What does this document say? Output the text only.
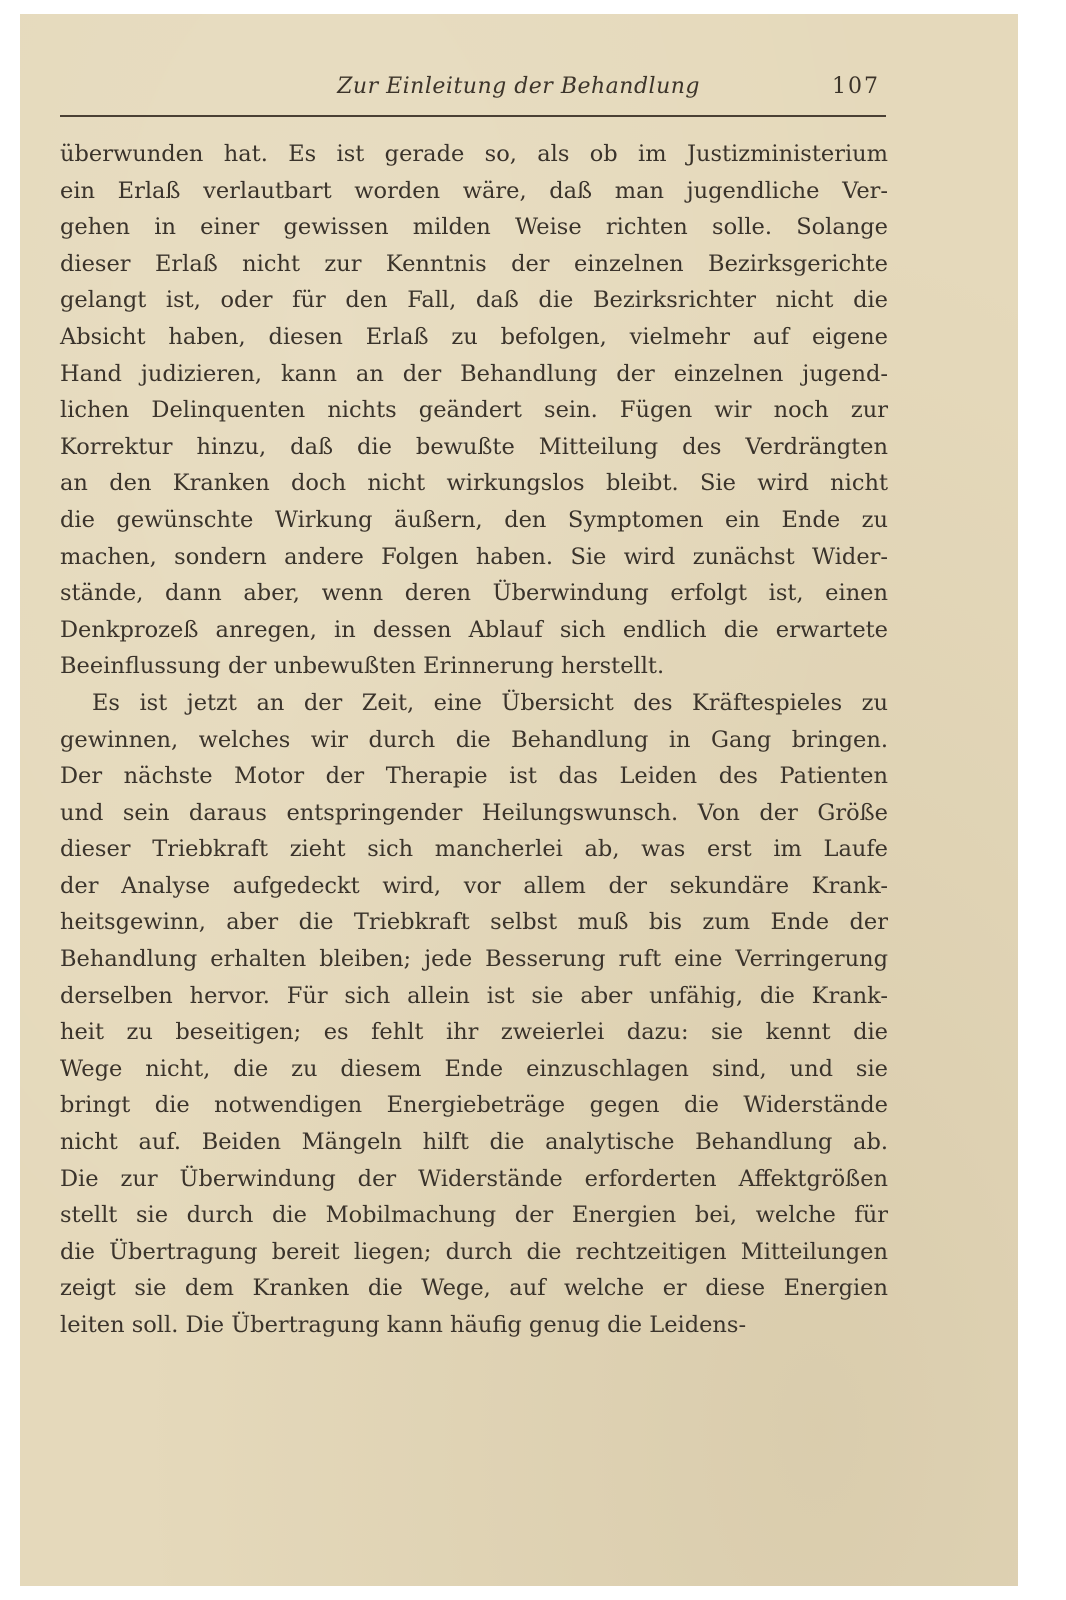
Zur Einleitung der Behandlung	107

überwunden hat. Es ist gerade so, als ob im Justizministerium
ein Erlaß verlautbart worden wäre, daß man jugendliche Ver-
gehen in einer gewissen milden Weise richten solle. Solange
dieser Erlaß nicht zur Kenntnis der einzelnen Bezirksgerichte
gelangt ist, oder für den Fall, daß die Bezirksrichter nicht die
Absicht haben, diesen Erlaß zu befolgen, vielmehr auf eigene
Hand judizieren, kann an der Behandlung der einzelnen jugend-
lichen Delinquenten nichts geändert sein. Fügen wir noch zur
Korrektur hinzu, daß die bewußte Mitteilung des Verdrängten
an den Kranken doch nicht wirkungslos bleibt. Sie wird nicht
die gewünschte Wirkung äußern, den Symptomen ein Ende zu
machen, sondern andere Folgen haben. Sie wird zunächst Wider-
stände, dann aber, wenn deren Überwindung erfolgt ist, einen
Denkprozeß anregen, in dessen Ablauf sich endlich die erwartete
Beeinflussung der unbewußten Erinnerung herstellt.

Es ist jetzt an der Zeit, eine Übersicht des Kräftespieles zu
gewinnen, welches wir durch die Behandlung in Gang bringen.
Der nächste Motor der Therapie ist das Leiden des Patienten
und sein daraus entspringender Heilungswunsch. Von der Größe
dieser Triebkraft zieht sich mancherlei ab, was erst im Laufe
der Analyse aufgedeckt wird, vor allem der sekundäre Krank-
heitsgewinn, aber die Triebkraft selbst muß bis zum Ende der
Behandlung erhalten bleiben; jede Besserung ruft eine Verringerung
derselben hervor. Für sich allein ist sie aber unfähig, die Krank-
heit zu beseitigen; es fehlt ihr zweierlei dazu: sie kennt die
Wege nicht, die zu diesem Ende einzuschlagen sind, und sie
bringt die notwendigen Energiebeträge gegen die Widerstände
nicht auf. Beiden Mängeln hilft die analytische Behandlung ab.
Die zur Überwindung der Widerstände erforderten Affektgrößen
stellt sie durch die Mobilmachung der Energien bei, welche für
die Übertragung bereit liegen; durch die rechtzeitigen Mitteilungen
zeigt sie dem Kranken die Wege, auf welche er diese Energien
leiten soll. Die Übertragung kann häufig genug die Leidens-
